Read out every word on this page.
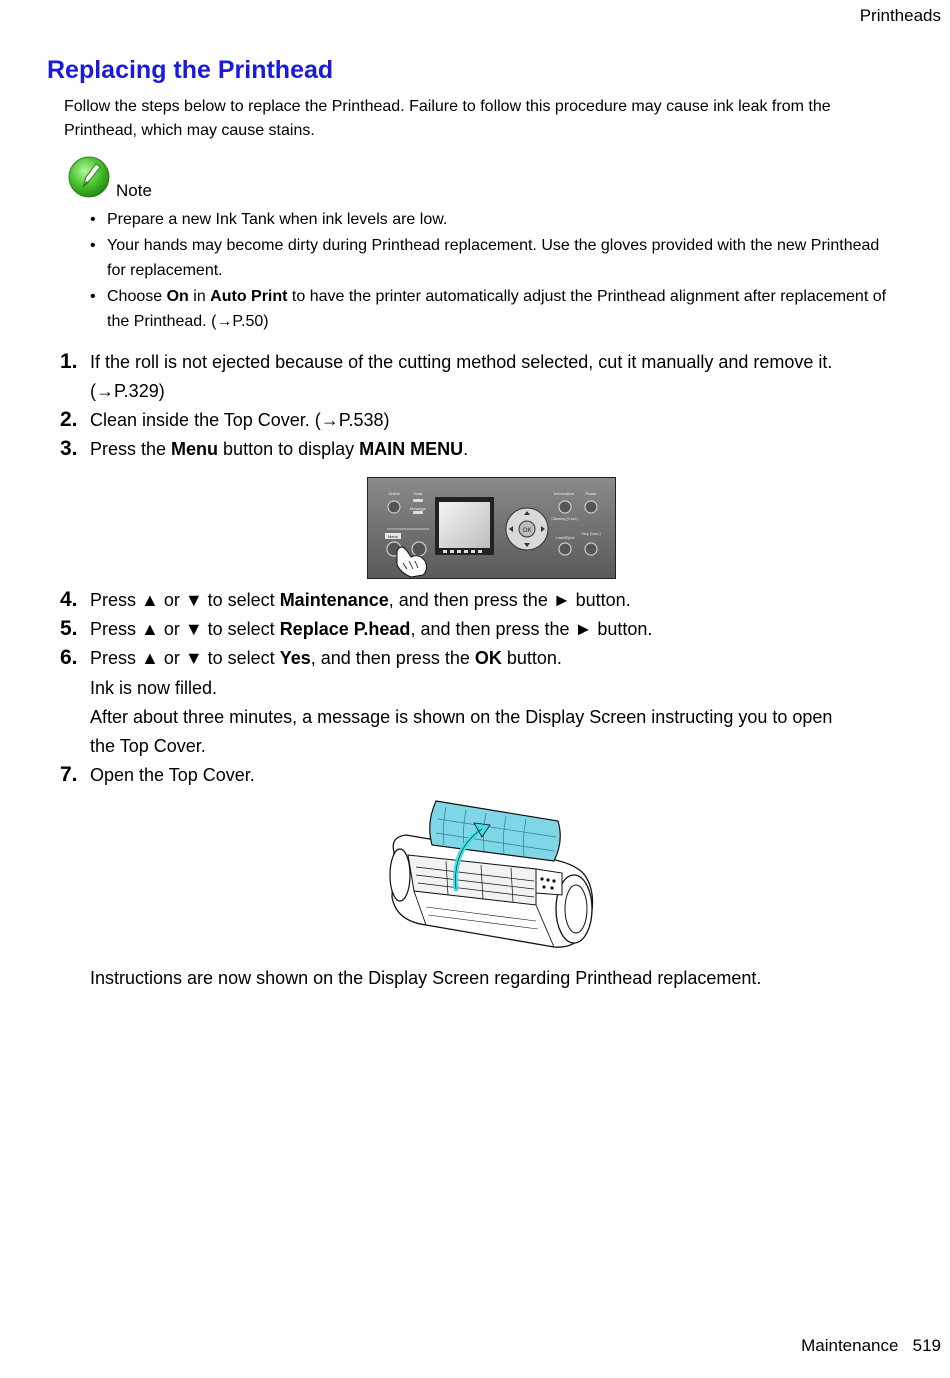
Printheads
Replacing the Printhead
Follow the steps below to replace the Printhead. Failure to follow this procedure may cause ink leak from the Printhead, which may cause stains.
Note
• Prepare a new Ink Tank when ink levels are low.
• Your hands may become dirty during Printhead replacement. Use the gloves provided with the new Printhead for replacement.
• Choose On in Auto Print to have the printer automatically adjust the Printhead alignment after replacement of the Printhead. (→P.50)
1. If the roll is not ejected because of the cutting method selected, cut it manually and remove it.
(→P.329)
2. Clean inside the Top Cover. (→P.538)
3. Press the Menu button to display MAIN MENU.
Online	Data
Message
Menu
OK
Information	Power
Cleaning (3 sec.)
Load/Eject
Stop (1sec.)
4. Press ▲ or ▼ to select Maintenance, and then press the ► button.
5. Press ▲ or ▼ to select Replace P.head, and then press the ► button.
6. Press ▲ or ▼ to select Yes, and then press the OK button.
Ink is now filled.
After about three minutes, a message is shown on the Display Screen instructing you to open
the Top Cover.
7. Open the Top Cover.
Instructions are now shown on the Display Screen regarding Printhead replacement.
Maintenance 519
